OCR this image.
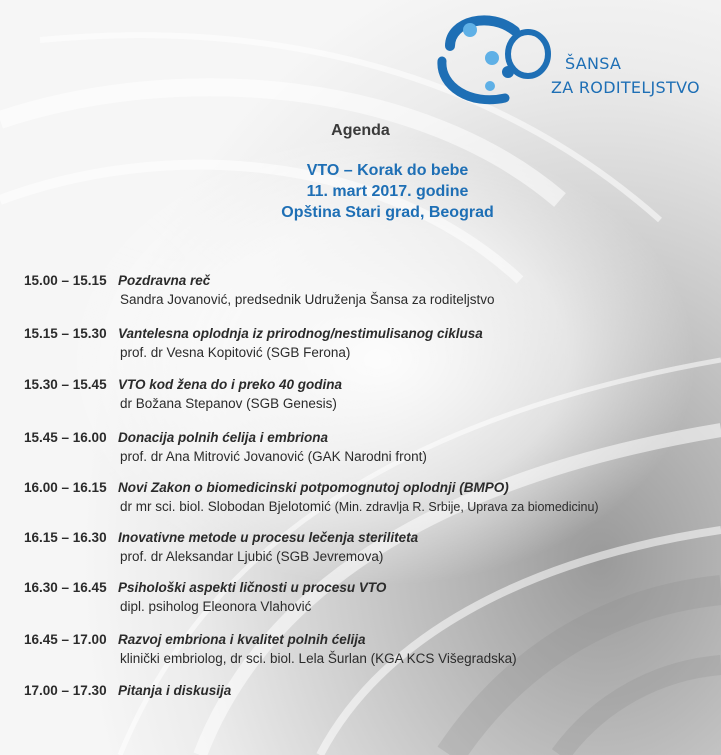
ŠANSA
ZA RODITELJSTVO
Agenda
VTO – Korak do bebe
11. mart 2017. godine
Opština Stari grad, Beograd
15.00 – 15.15 Pozdravna reč
Sandra Jovanović, predsednik Udruženja Šansa za roditeljstvo
15.15 – 15.30 Vantelesna oplodnja iz prirodnog/nestimulisanog ciklusa
prof. dr Vesna Kopitović (SGB Ferona)
15.30 – 15.45 VTO kod žena do i preko 40 godina
dr Božana Stepanov (SGB Genesis)
15.45 – 16.00 Donacija polnih ćelija i embriona
prof. dr Ana Mitrović Jovanović (GAK Narodni front)
16.00 – 16.15 Novi Zakon o biomedicinski potpomognutoj oplodnji (BMPO)
dr mr sci. biol. Slobodan Bjelotomić (Min. zdravlja R. Srbije, Uprava za biomedicinu)
16.15 – 16.30 Inovativne metode u procesu lečenja steriliteta
prof. dr Aleksandar Ljubić (SGB Jevremova)
16.30 – 16.45 Psihološki aspekti ličnosti u procesu VTO
dipl. psiholog Eleonora Vlahović
16.45 – 17.00 Razvoj embriona i kvalitet polnih ćelija
klinički embriolog, dr sci. biol. Lela Šurlan (KGA KCS Višegradska)
17.00 – 17.30 Pitanja i diskusija
